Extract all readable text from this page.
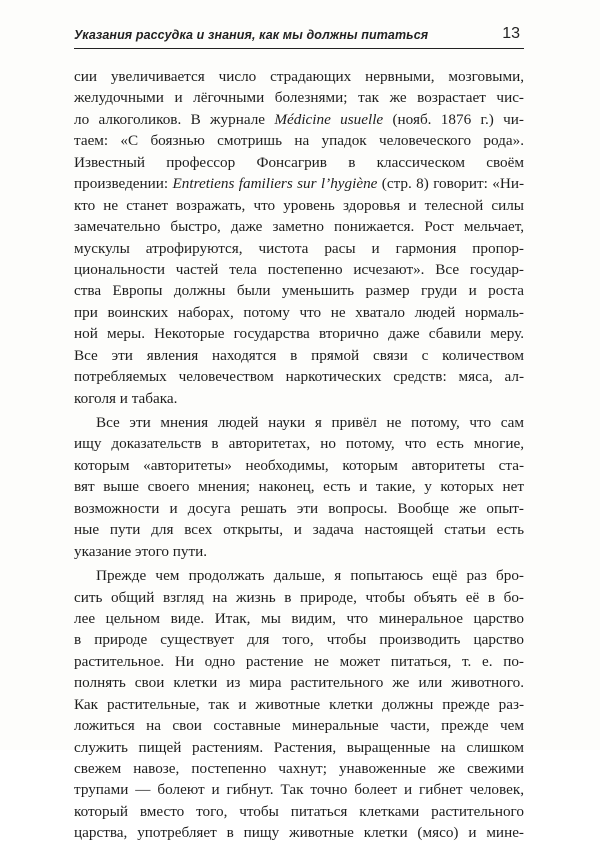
Указания рассудка и знания, как мы должны питаться	13
сии увеличивается число страдающих нервными, мозговыми,
желудочными и лёгочными болезнями; так же возрастает чис-
ло алкоголиков. В журнале Médicine usuelle (нояб. 1876 г.) чи-
таем: «С боязнью смотришь на упадок человеческого рода».
Известный профессор Фонсагрив в классическом своём
произведении: Entretiens familiers sur l’hygiène (стр. 8) говорит: «Ни-
кто не станет возражать, что уровень здоровья и телесной силы
замечательно быстро, даже заметно понижается. Рост мельчает,
мускулы атрофируются, чистота расы и гармония пропор-
циональности частей тела постепенно исчезают». Все государ-
ства Европы должны были уменьшить размер груди и роста
при воинских наборах, потому что не хватало людей нормаль-
ной меры. Некоторые государства вторично даже сбавили меру.
Все эти явления находятся в прямой связи с количеством
потребляемых человечеством наркотических средств: мяса, ал-
коголя и табака.
Все эти мнения людей науки я привёл не потому, что сам
ищу доказательств в авторитетах, но потому, что есть многие,
которым «авторитеты» необходимы, которым авторитеты ста-
вят выше своего мнения; наконец, есть и такие, у которых нет
возможности и досуга решать эти вопросы. Вообще же опыт-
ные пути для всех открыты, и задача настоящей статьи есть
указание этого пути.
Прежде чем продолжать дальше, я попытаюсь ещё раз бро-
сить общий взгляд на жизнь в природе, чтобы объять её в бо-
лее цельном виде. Итак, мы видим, что минеральное царство
в природе существует для того, чтобы производить царство
растительное. Ни одно растение не может питаться, т. е. по-
полнять свои клетки из мира растительного же или животного.
Как растительные, так и животные клетки должны прежде раз-
ложиться на свои составные минеральные части, прежде чем
служить пищей растениям. Растения, выращенные на слишком
свежем навозе, постепенно чахнут; унавоженные же свежими
трупами — болеют и гибнут. Так точно болеет и гибнет человек,
который вместо того, чтобы питаться клетками растительного
царства, употребляет в пищу животные клетки (мясо) и мине-
